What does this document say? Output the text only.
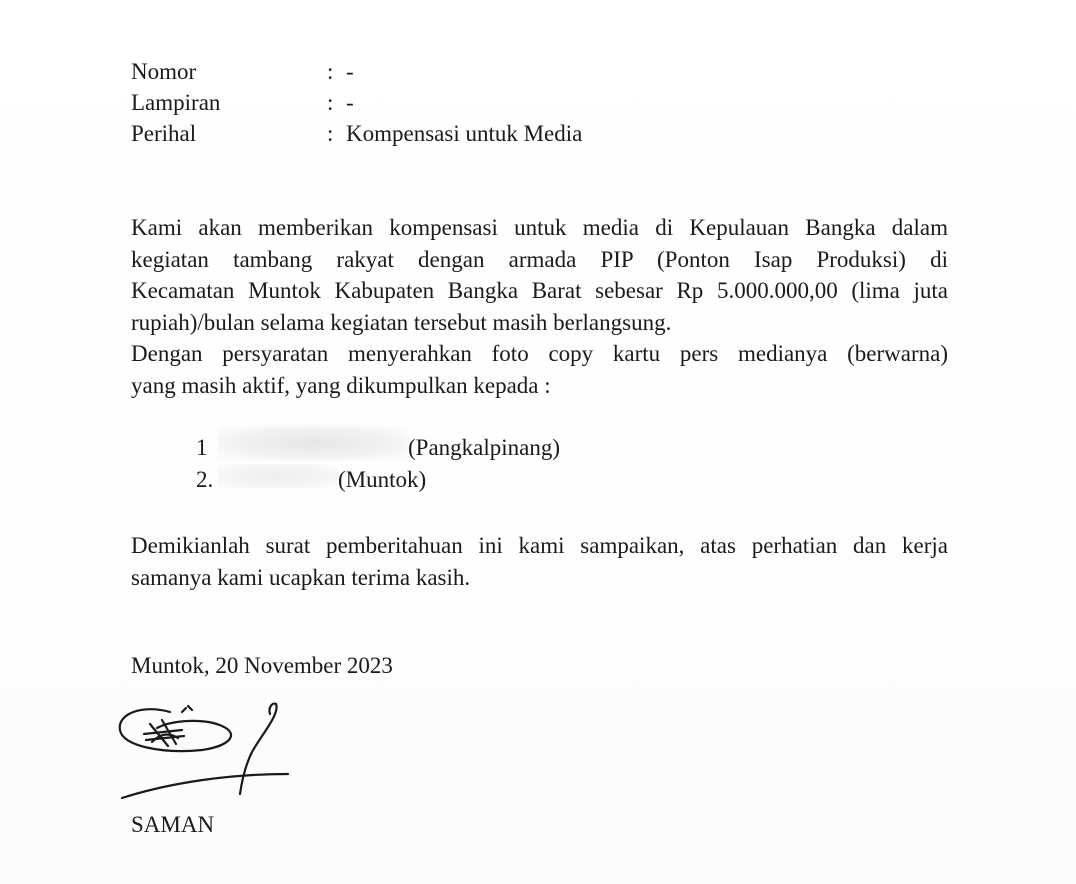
Nomor	: -
Lampiran	: -
Perihal	: Kompensasi untuk Media
Kami akan memberikan kompensasi untuk media di Kepulauan Bangka dalam
kegiatan tambang rakyat dengan armada PIP (Ponton Isap Produksi) di
Kecamatan Muntok Kabupaten Bangka Barat sebesar Rp 5.000.000,00 (lima juta
rupiah)/bulan selama kegiatan tersebut masih berlangsung.
Dengan persyaratan menyerahkan foto copy kartu pers medianya (berwarna)
yang masih aktif, yang dikumpulkan kepada :
1	(Pangkalpinang)
2.	(Muntok)
Demikianlah surat pemberitahuan ini kami sampaikan, atas perhatian dan kerja
samanya kami ucapkan terima kasih.
Muntok, 20 November 2023
SAMAN
